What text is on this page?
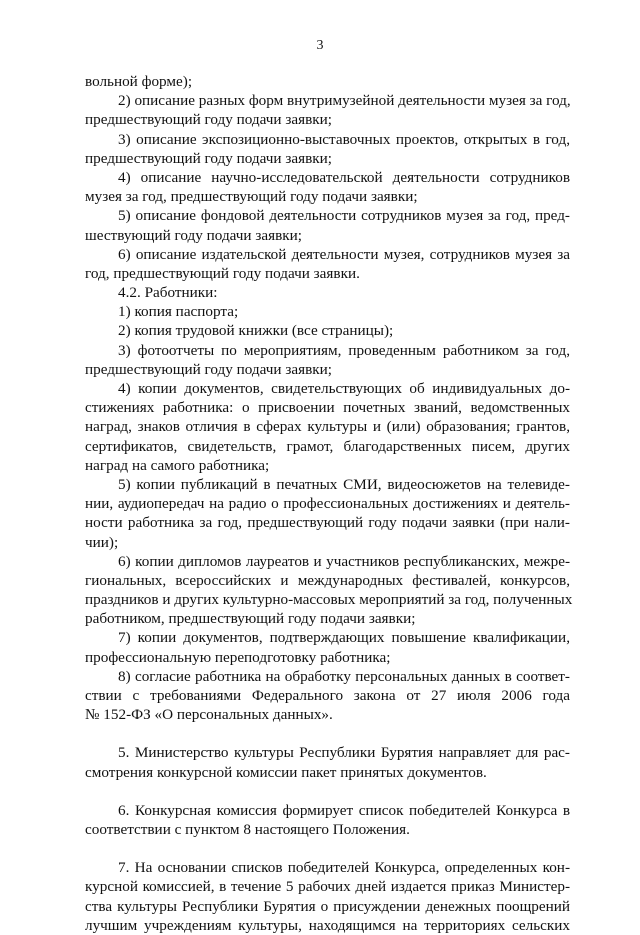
3
вольной форме);
2) описание разных форм внутримузейной деятельности музея за год,
предшествующий году подачи заявки;
3) описание экспозиционно-выставочных проектов, открытых в год,
предшествующий году подачи заявки;
4) описание научно-исследовательской деятельности сотрудников
музея за год, предшествующий году подачи заявки;
5) описание фондовой деятельности сотрудников музея за год, пред-
шествующий году подачи заявки;
6) описание издательской деятельности музея, сотрудников музея за
год, предшествующий году подачи заявки.
4.2. Работники:
1) копия паспорта;
2) копия трудовой книжки (все страницы);
3) фотоотчеты по мероприятиям, проведенным работником за год,
предшествующий году подачи заявки;
4) копии документов, свидетельствующих об индивидуальных до-
стижениях работника: о присвоении почетных званий, ведомственных
наград, знаков отличия в сферах культуры и (или) образования; грантов,
сертификатов, свидетельств, грамот, благодарственных писем, других
наград на самого работника;
5) копии публикаций в печатных СМИ, видеосюжетов на телевиде-
нии, аудиопередач на радио о профессиональных достижениях и деятель-
ности работника за год, предшествующий году подачи заявки (при нали-
чии);
6) копии дипломов лауреатов и участников республиканских, межре-
гиональных, всероссийских и международных фестивалей, конкурсов,
праздников и других культурно-массовых мероприятий за год, полученных
работником, предшествующий году подачи заявки;
7) копии документов, подтверждающих повышение квалификации,
профессиональную переподготовку работника;
8) согласие работника на обработку персональных данных в соответ-
ствии с требованиями Федерального закона от 27 июля 2006 года
№ 152-ФЗ «О персональных данных».
5. Министерство культуры Республики Бурятия направляет для рас-
смотрения конкурсной комиссии пакет принятых документов.
6. Конкурсная комиссия формирует список победителей Конкурса в
соответствии с пунктом 8 настоящего Положения.
7. На основании списков победителей Конкурса, определенных кон-
курсной комиссией, в течение 5 рабочих дней издается приказ Министер-
ства культуры Республики Бурятия о присуждении денежных поощрений
лучшим учреждениям культуры, находящимся на территориях сельских
